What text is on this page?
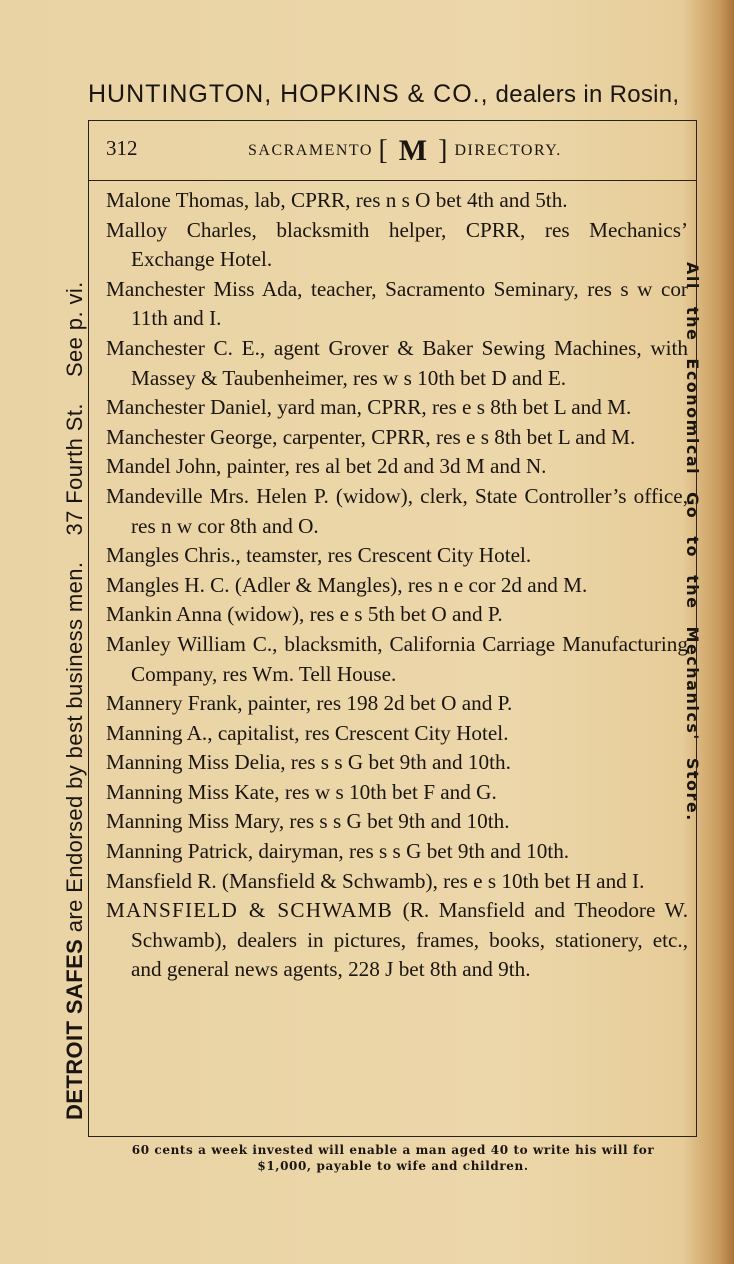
HUNTINGTON, HOPKINS & CO., dealers in Rosin,
DETROIT SAFES are Endorsed by best business men.    37 Fourth St.    See p. vi.	All the Economical Go to the Mechanics' Store.
312	SACRAMENTO [ M ] DIRECTORY.
Malone Thomas, lab, CPRR, res n s O bet 4th and 5th.
Malloy Charles, blacksmith helper, CPRR, res Mechanics’ Exchange Hotel.
Manchester Miss Ada, teacher, Sacramento Seminary, res s w cor 11th and I.
Manchester C. E., agent Grover & Baker Sewing Machines, with Massey & Taubenheimer, res w s 10th bet D and E.
Manchester Daniel, yard man, CPRR, res e s 8th bet L and M.
Manchester George, carpenter, CPRR, res e s 8th bet L and M.
Mandel John, painter, res al bet 2d and 3d M and N.
Mandeville Mrs. Helen P. (widow), clerk, State Controller’s office, res n w cor 8th and O.
Mangles Chris., teamster, res Crescent City Hotel.
Mangles H. C. (Adler & Mangles), res n e cor 2d and M.
Mankin Anna (widow), res e s 5th bet O and P.
Manley William C., blacksmith, California Carriage Manufacturing Company, res Wm. Tell House.
Mannery Frank, painter, res 198 2d bet O and P.
Manning A., capitalist, res Crescent City Hotel.
Manning Miss Delia, res s s G bet 9th and 10th.
Manning Miss Kate, res w s 10th bet F and G.
Manning Miss Mary, res s s G bet 9th and 10th.
Manning Patrick, dairyman, res s s G bet 9th and 10th.
Mansfield R. (Mansfield & Schwamb), res e s 10th bet H and I.
MANSFIELD & SCHWAMB (R. Mansfield and Theodore W. Schwamb), dealers in pictures, frames, books, stationery, etc., and general news agents, 228 J bet 8th and 9th.
60 cents a week invested will enable a man aged 40 to write his will for
$1,000, payable to wife and children.
